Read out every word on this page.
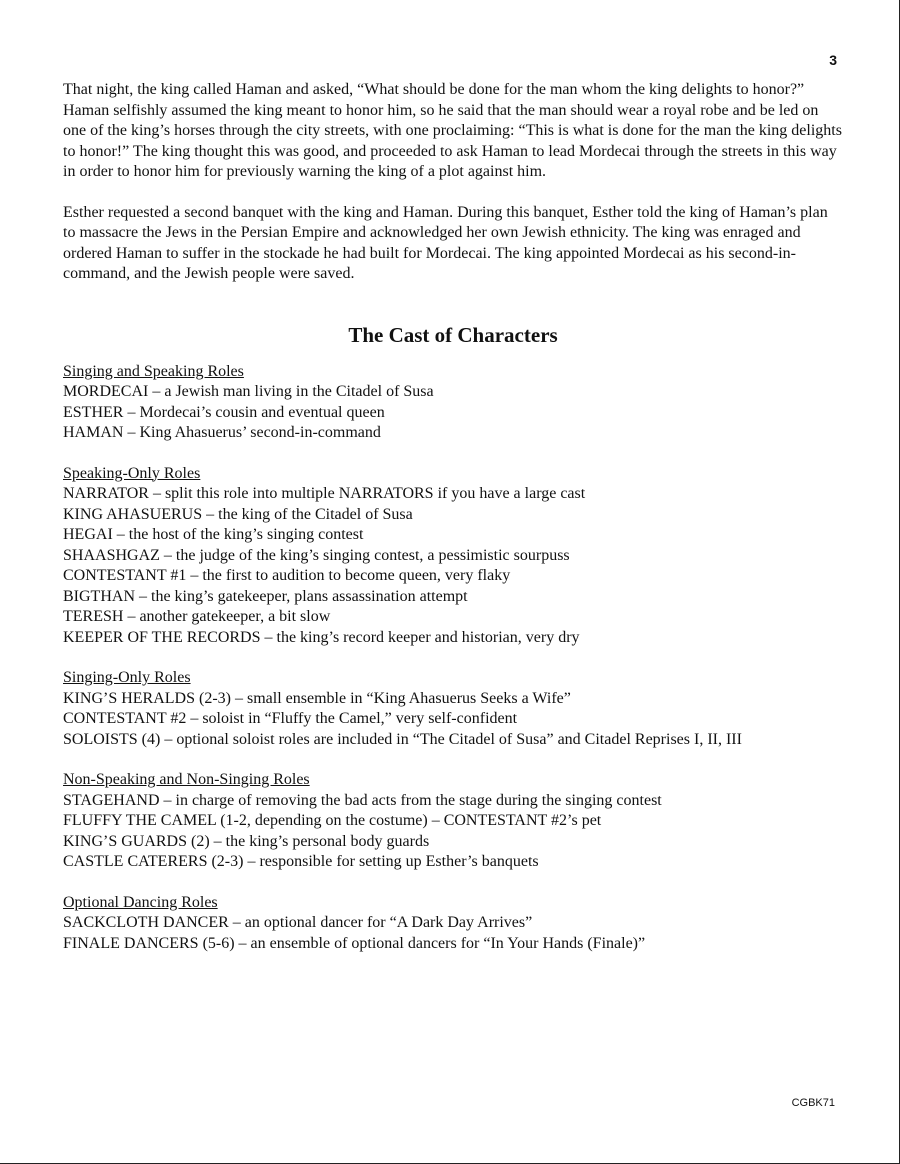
3

That night, the king called Haman and asked, “What should be done for the man whom the king delights to honor?” Haman selfishly assumed the king meant to honor him, so he said that the man should wear a royal robe and be led on one of the king’s horses through the city streets, with one proclaiming: “This is what is done for the man the king delights to honor!” The king thought this was good, and proceeded to ask Haman to lead Mordecai through the streets in this way in order to honor him for previously warning the king of a plot against him.

Esther requested a second banquet with the king and Haman. During this banquet, Esther told the king of Haman’s plan to massacre the Jews in the Persian Empire and acknowledged her own Jewish ethnicity. The king was enraged and ordered Haman to suffer in the stockade he had built for Mordecai. The king appointed Mordecai as his second-in-command, and the Jewish people were saved.

The Cast of Characters
Singing and Speaking Roles

MORDECAI – a Jewish man living in the Citadel of Susa

ESTHER – Mordecai’s cousin and eventual queen

HAMAN – King Ahasuerus’ second-in-command

Speaking-Only Roles

NARRATOR – split this role into multiple NARRATORS if you have a large cast

KING AHASUERUS – the king of the Citadel of Susa

HEGAI – the host of the king’s singing contest

SHAASHGAZ – the judge of the king’s singing contest, a pessimistic sourpuss

CONTESTANT #1 – the first to audition to become queen, very flaky

BIGTHAN – the king’s gatekeeper, plans assassination attempt

TERESH – another gatekeeper, a bit slow

KEEPER OF THE RECORDS – the king’s record keeper and historian, very dry

Singing-Only Roles

KING’S HERALDS (2-3) – small ensemble in “King Ahasuerus Seeks a Wife”

CONTESTANT #2 – soloist in “Fluffy the Camel,” very self-confident

SOLOISTS (4) – optional soloist roles are included in “The Citadel of Susa” and Citadel Reprises I, II, III

Non-Speaking and Non-Singing Roles

STAGEHAND – in charge of removing the bad acts from the stage during the singing contest

FLUFFY THE CAMEL (1-2, depending on the costume) – CONTESTANT #2’s pet

KING’S GUARDS (2) – the king’s personal body guards

CASTLE CATERERS (2-3) – responsible for setting up Esther’s banquets

Optional Dancing Roles

SACKCLOTH DANCER – an optional dancer for “A Dark Day Arrives”

FINALE DANCERS (5-6) – an ensemble of optional dancers for “In Your Hands (Finale)”

CGBK71
